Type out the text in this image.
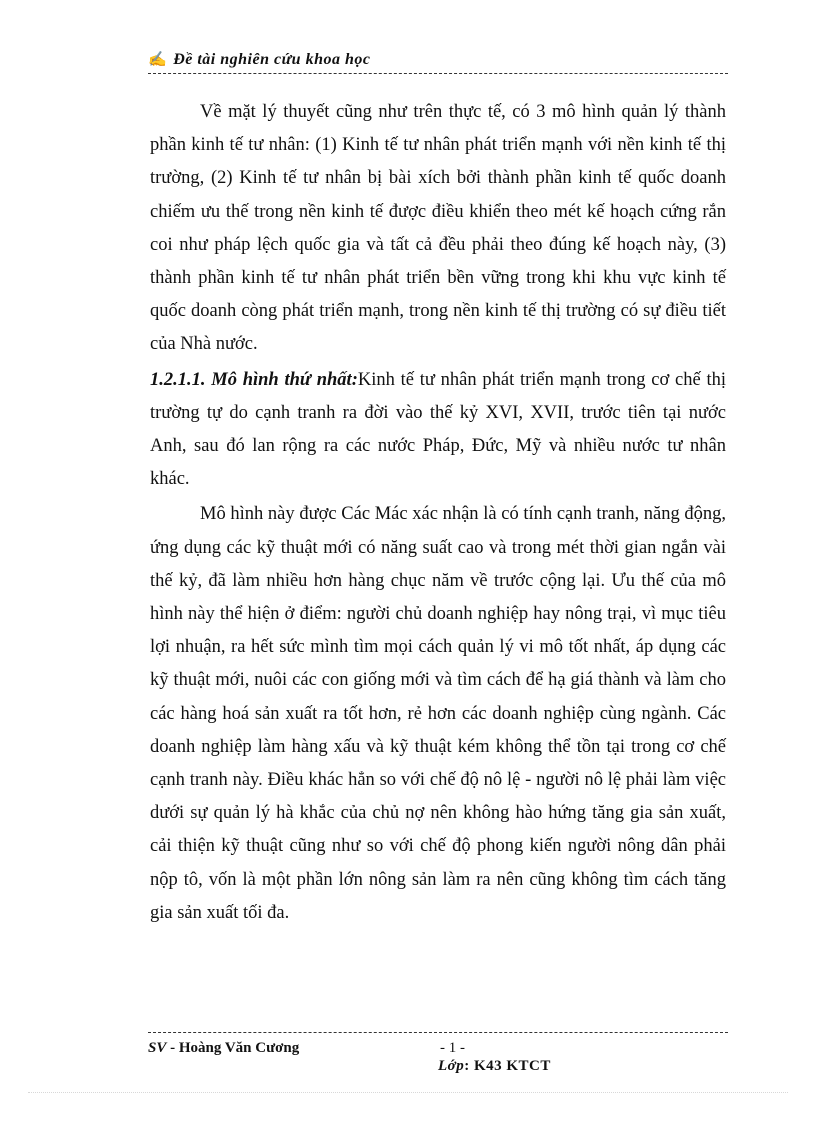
✍ Đề tài nghiên cứu khoa học

Về mặt lý thuyết cũng như trên thực tế, có 3 mô hình quản lý thành phần kinh tế tư nhân: (1) Kinh tế tư nhân phát triển mạnh với nền kinh tế thị trường, (2) Kinh tế tư nhân bị bài xích bởi thành phần kinh tế quốc doanh chiếm ưu thế trong nền kinh tế được điều khiển theo mét kế hoạch cứng rắn coi như pháp lệch quốc gia và tất cả đều phải theo đúng kế hoạch này, (3) thành phần kinh tế tư nhân phát triển bền vững trong khi khu vực kinh tế quốc doanh còng phát triển mạnh, trong nền kinh tế thị trường có sự điều tiết của Nhà nước.

1.2.1.1. Mô hình thứ nhất:Kinh tế tư nhân phát triển mạnh trong cơ chế thị trường tự do cạnh tranh ra đời vào thế kỷ XVI, XVII, trước tiên tại nước Anh, sau đó lan rộng ra các nước Pháp, Đức, Mỹ và nhiều nước tư nhân khác.

Mô hình này được Các Mác xác nhận là có tính cạnh tranh, năng động, ứng dụng các kỹ thuật mới có năng suất cao và trong mét thời gian ngắn vài thế kỷ, đã làm nhiều hơn hàng chục năm về trước cộng lại. Ưu thế của mô hình này thể hiện ở điểm: người chủ doanh nghiệp hay nông trại, vì mục tiêu lợi nhuận, ra hết sức mình tìm mọi cách quản lý vi mô tốt nhất, áp dụng các kỹ thuật mới, nuôi các con giống mới và tìm cách để hạ giá thành và làm cho các hàng hoá sản xuất ra tốt hơn, rẻ hơn các doanh nghiệp cùng ngành. Các doanh nghiệp làm hàng xấu và kỹ thuật kém không thể tồn tại trong cơ chế cạnh tranh này. Điều khác hẳn so với chế độ nô lệ - người nô lệ phải làm việc dưới sự quản lý hà khắc của chủ nợ nên không hào hứng tăng gia sản xuất, cải thiện kỹ thuật cũng như so với chế độ phong kiến người nông dân phải nộp tô, vốn là một phần lớn nông sản làm ra nên cũng không tìm cách tăng gia sản xuất tối đa.

SV - Hoàng Văn Cương	- 1 -
Lớp: K43 KTCT
